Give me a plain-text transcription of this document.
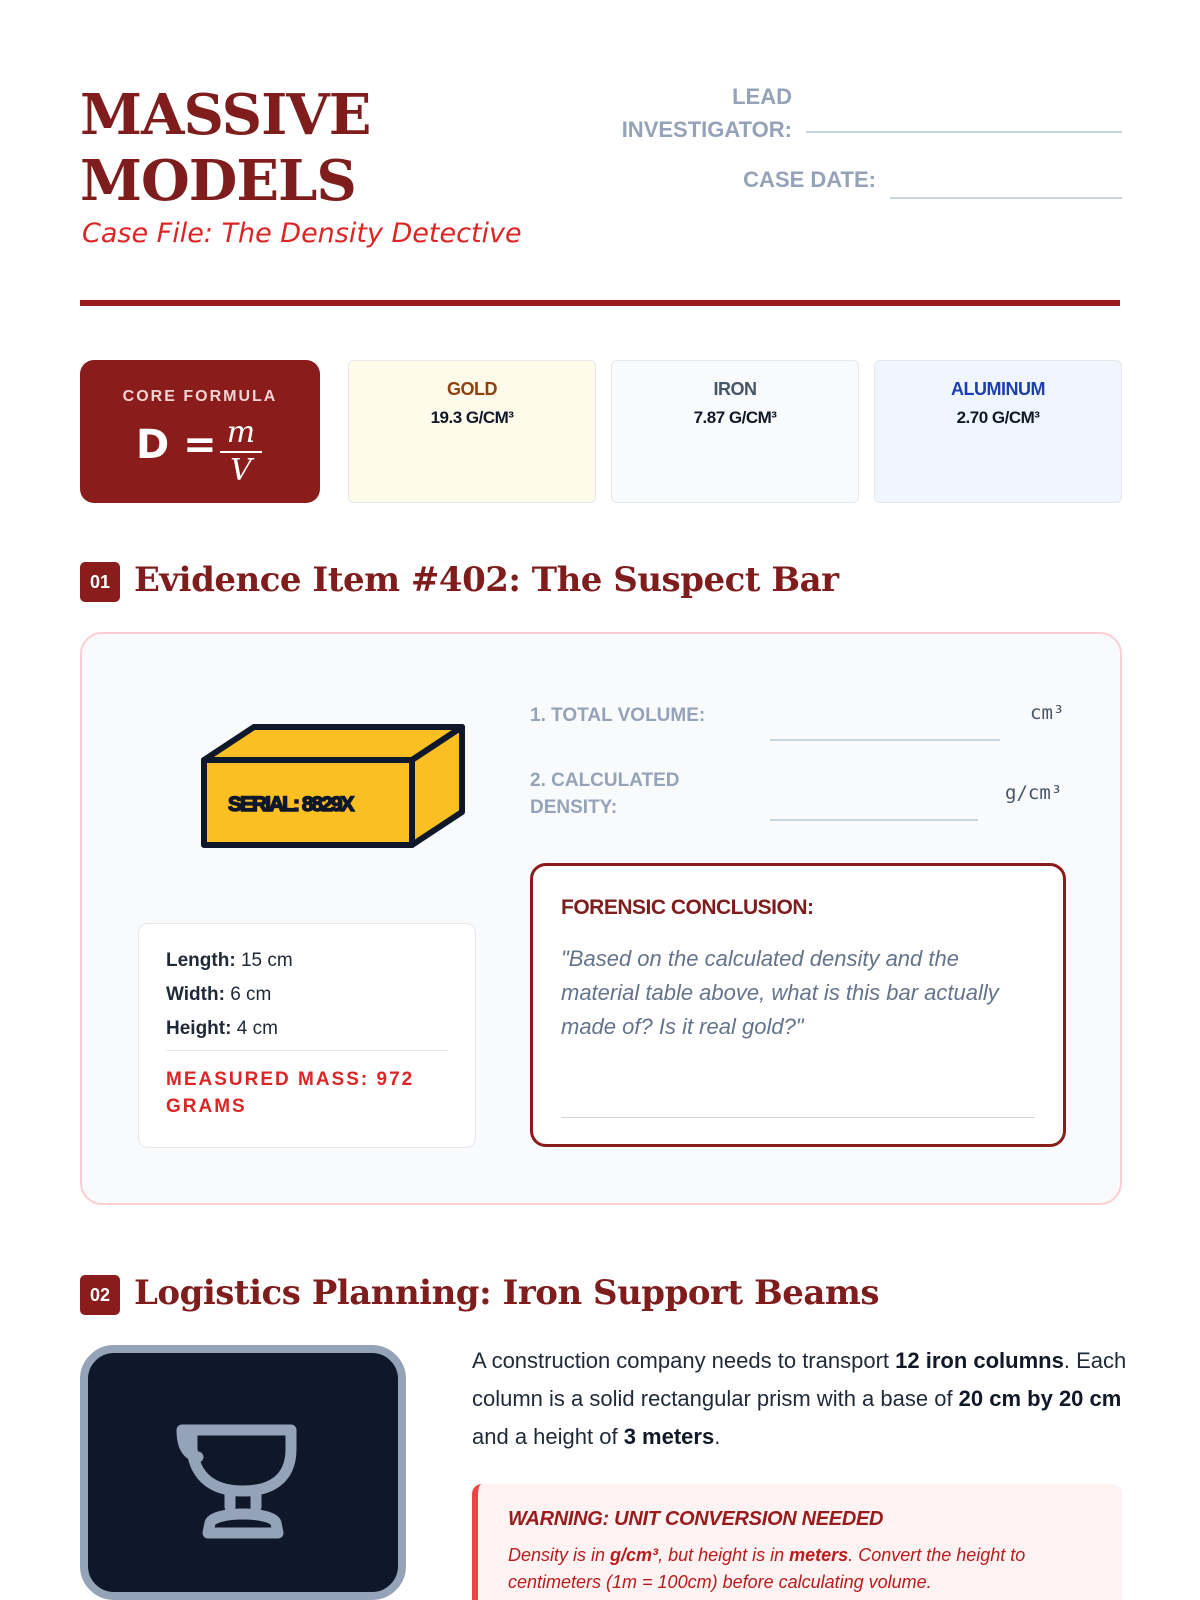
MASSIVE
MODELS
Case File: The Density Detective
LEAD
INVESTIGATOR:
CASE DATE:
CORE FORMULA
D = m
V
GOLD
19.3 G/CM³
IRON
7.87 G/CM³
ALUMINUM
2.70 G/CM³
01 Evidence Item #402: The Suspect Bar
SERIAL: 8829X
Length: 15 cm
Width: 6 cm
Height: 4 cm
MEASURED MASS: 972 GRAMS
1. TOTAL VOLUME:	cm³
2. CALCULATED
DENSITY:
g/cm³
FORENSIC CONCLUSION:
"Based on the calculated density and the material table above, what is this bar actually made of? Is it real gold?"
02 Logistics Planning: Iron Support Beams
A construction company needs to transport 12 iron columns. Each column is a solid rectangular prism with a base of 20 cm by 20 cm and a height of 3 meters.
WARNING: UNIT CONVERSION NEEDED
Density is in g/cm³, but height is in meters. Convert the height to centimeters (1m = 100cm) before calculating volume.
